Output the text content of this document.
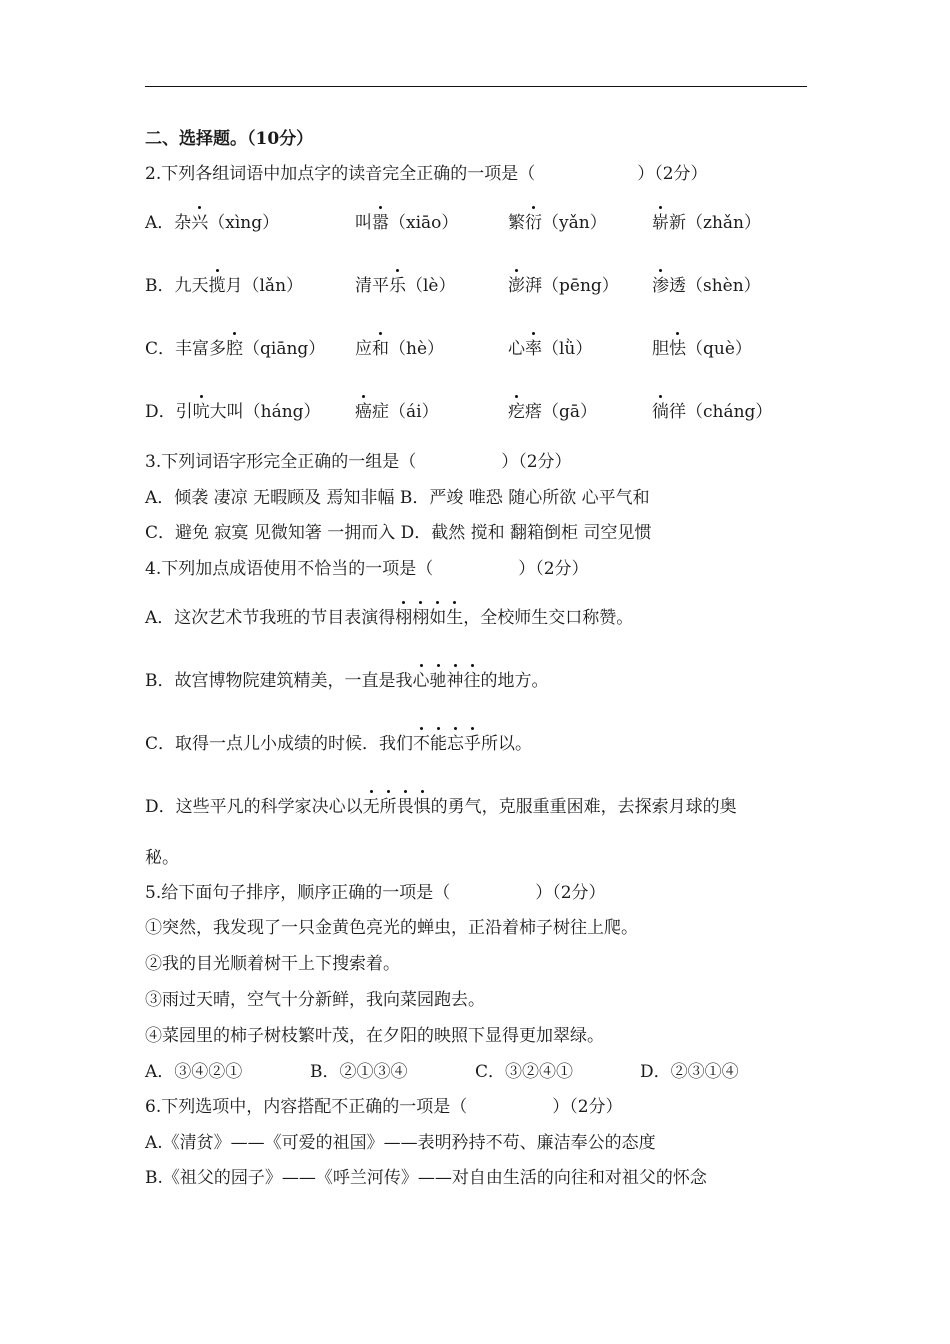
二、选择题。（10分）
2.下列各组词语中加点字的读音完全正确的一项是（　　　　　　）（2分）
A．杂兴（xìng）	叫嚣（xiāo）	繁衍（yǎn）	崭新（zhǎn）
B．九天揽月（lǎn）	清平乐（lè）	澎湃（pēng） 渗透（shèn）
C．丰富多腔（qiāng） 应和（hè）	心率（lǜ）	胆怯（què）
D．引吭大叫（háng） 癌症（ái）	疙瘩（gā）	徜徉（cháng）
3.下列词语字形完全正确的一组是（　　　　　）（2分）
A．倾袭 凄凉 无暇顾及 焉知非幅 B．严竣 唯恐 随心所欲 心平气和
C．避免 寂寞 见微知箸 一拥而入 D．截然 搅和 翻箱倒柜 司空见惯
4.下列加点成语使用不恰当的一项是（　　　　　）（2分）
A．这次艺术节我班的节目表演得栩栩如生，全校师生交口称赞。
B．故宫博物院建筑精美，一直是我心驰神往的地方。
C．取得一点儿小成绩的时候．我们不能忘乎所以。
D．这些平凡的科学家决心以无所畏惧的勇气，克服重重困难，去探索月球的奥
秘。
5.给下面句子排序，顺序正确的一项是（　　　　　）（2分）
①突然，我发现了一只金黄色亮光的蝉虫，正沿着柿子树往上爬。
②我的目光顺着树干上下搜索着。
③雨过天晴，空气十分新鲜，我向菜园跑去。
④菜园里的柿子树枝繁叶茂，在夕阳的映照下显得更加翠绿。
A．③④②①	B．②①③④	C．③②④①	D．②③①④
6.下列选项中，内容搭配不正确的一项是（　　　　　）（2分）
A.《清贫》——《可爱的祖国》——表明矜持不苟、廉洁奉公的态度
B.《祖父的园子》——《呼兰河传》——对自由生活的向往和对祖父的怀念
